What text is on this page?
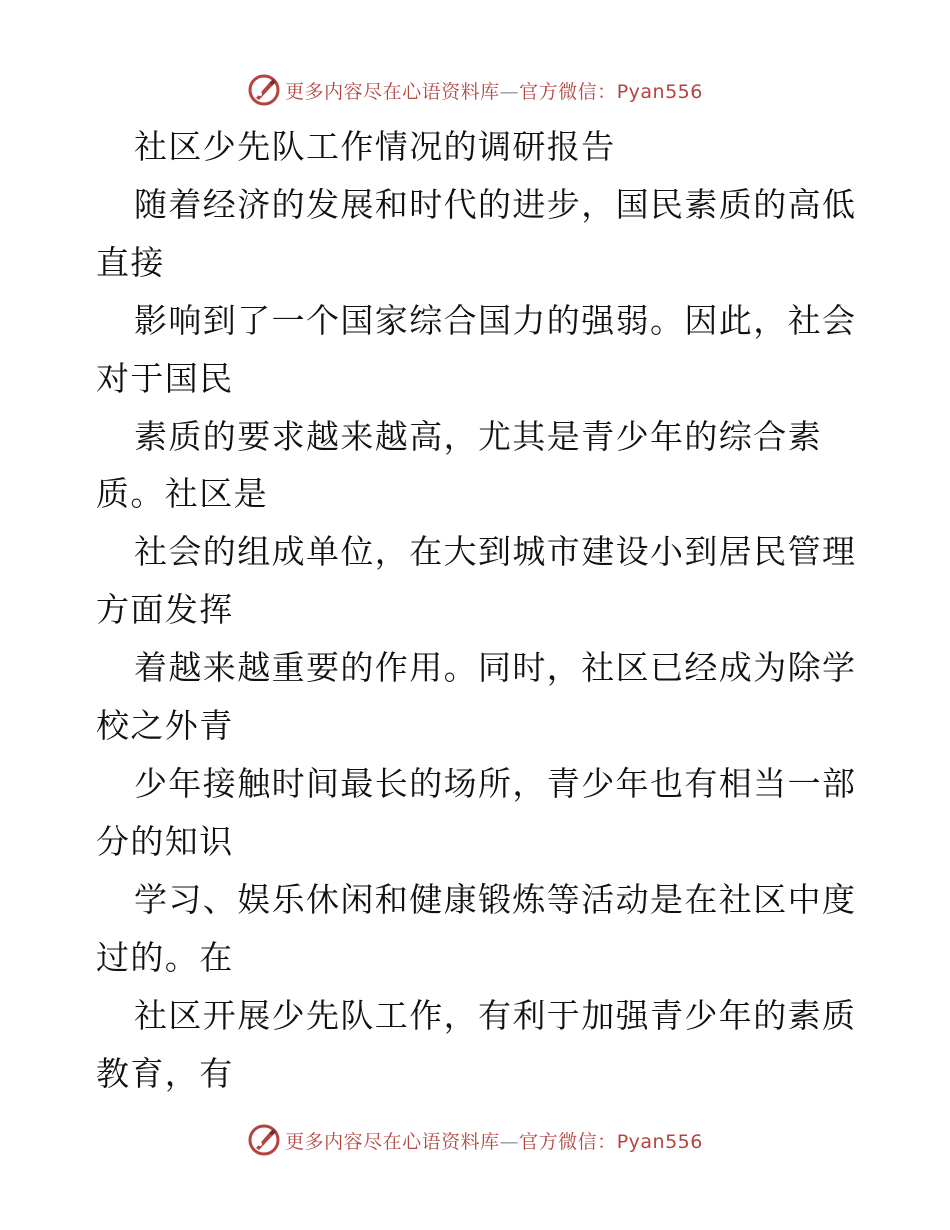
更多内容尽在心语资料库—官方微信：Pyan556
社区少先队工作情况的调研报告
随着经济的发展和时代的进步，国民素质的高低
直接
影响到了一个国家综合国力的强弱。因此，社会
对于国民
素质的要求越来越高，尤其是青少年的综合素
质。社区是
社会的组成单位，在大到城市建设小到居民管理
方面发挥
着越来越重要的作用。同时，社区已经成为除学
校之外青
少年接触时间最长的场所，青少年也有相当一部
分的知识
学习、娱乐休闲和健康锻炼等活动是在社区中度
过的。在
社区开展少先队工作，有利于加强青少年的素质
教育，有
更多内容尽在心语资料库—官方微信：Pyan556
